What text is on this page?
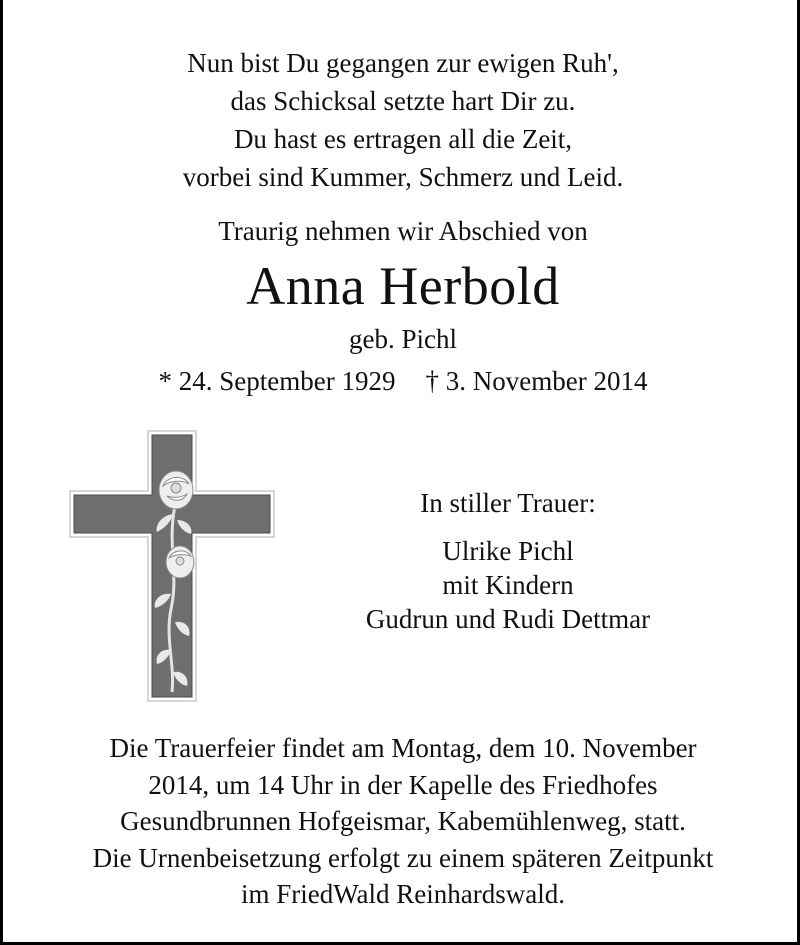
Nun bist Du gegangen zur ewigen Ruh',
das Schicksal setzte hart Dir zu.
Du hast es ertragen all die Zeit,
vorbei sind Kummer, Schmerz und Leid.
Traurig nehmen wir Abschied von
Anna Herbold
geb. Pichl
* 24. September 1929 † 3. November 2014
In stiller Trauer:
Ulrike Pichl
mit Kindern
Gudrun und Rudi Dettmar
Die Trauerfeier findet am Montag, dem 10. November
2014, um 14 Uhr in der Kapelle des Friedhofes
Gesundbrunnen Hofgeismar, Kabemühlenweg, statt.
Die Urnenbeisetzung erfolgt zu einem späteren Zeitpunkt
im FriedWald Reinhardswald.
